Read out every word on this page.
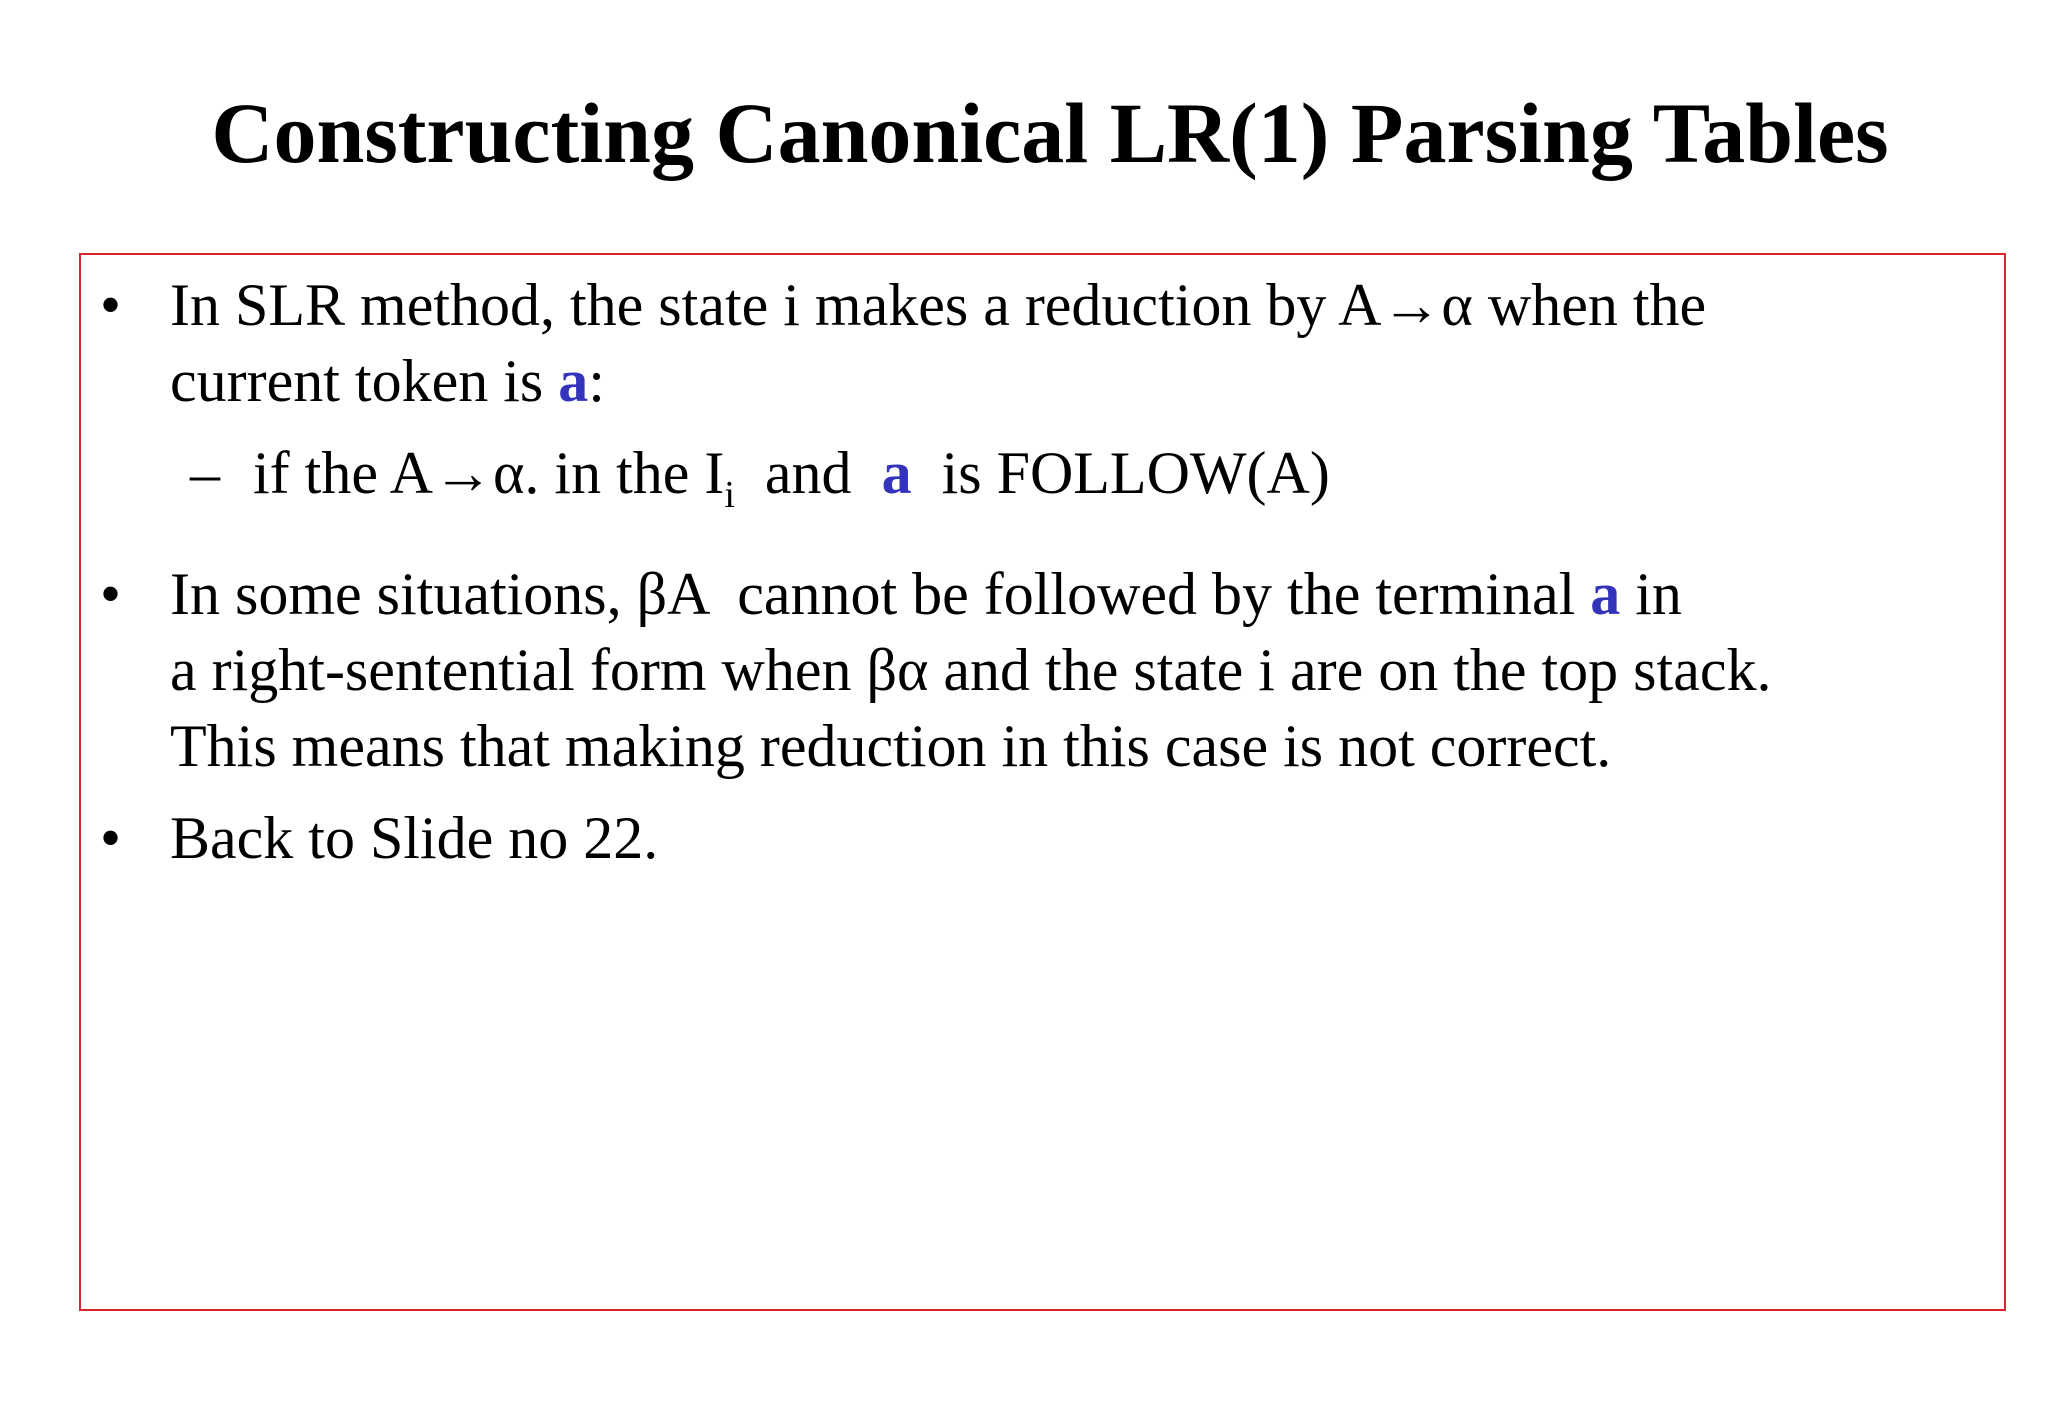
Constructing Canonical LR(1) Parsing Tables
• In SLR method, the state i makes a reduction by A→α when the
current token is a:
– if the A→α. in the $I_i$  and  a  is FOLLOW(A)
• In some situations, βA  cannot be followed by the terminal a in
a right-sentential form when βα and the state i are on the top stack.
This means that making reduction in this case is not correct.
• Back to Slide no 22.
